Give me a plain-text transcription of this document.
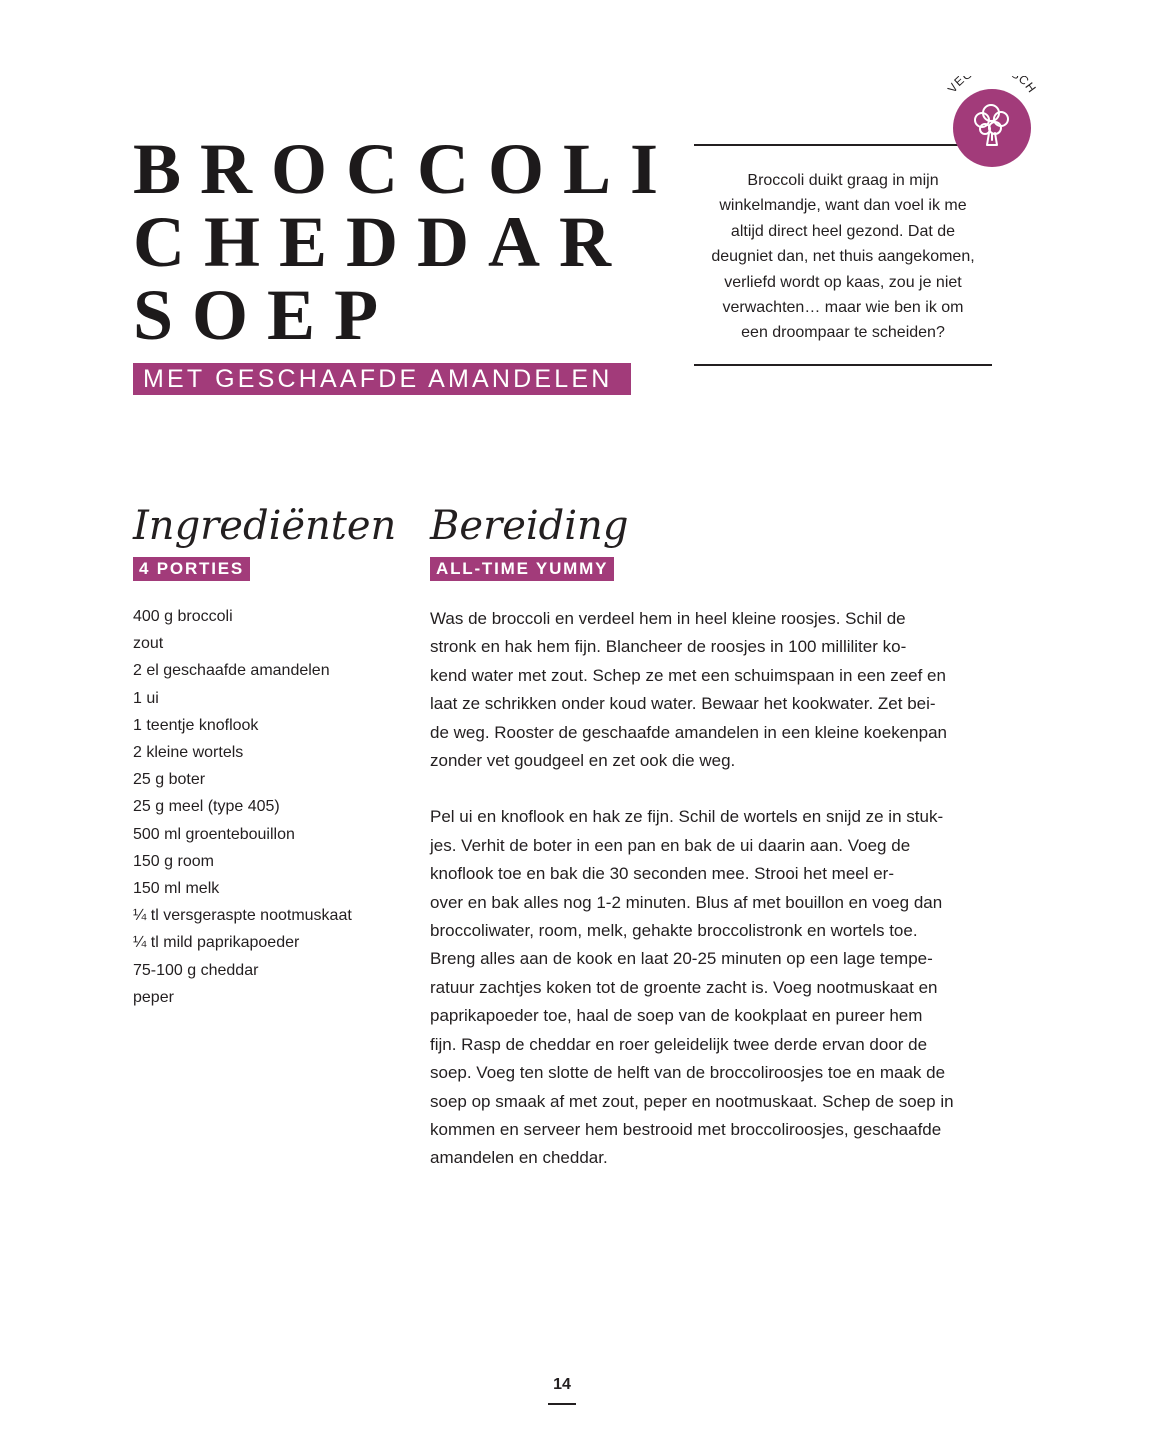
BROCCOLI
CHEDDAR
SOEP
MET GESCHAAFDE AMANDELEN
Broccoli duikt graag in mijn
winkelmandje, want dan voel ik me
altijd direct heel gezond. Dat de
deugniet dan, net thuis aangekomen,
verliefd wordt op kaas, zou je niet
verwachten… maar wie ben ik om
een droompaar te scheiden?
VE CH
Ingrediënten
4 PORTIES
400 g broccoli
zout
2 el geschaafde amandelen
1 ui
1 teentje knoflook
2 kleine wortels
25 g boter
25 g meel (type 405)
500 ml groentebouillon
150 g room
150 ml melk
¼ tl versgeraspte nootmuskaat
¼ tl mild paprikapoeder
75-100 g cheddar
peper
Bereiding
ALL-TIME YUMMY

Was de broccoli en verdeel hem in heel kleine roosjes. Schil de
stronk en hak hem fijn. Blancheer de roosjes in 100 milliliter ko-
kend water met zout. Schep ze met een schuimspaan in een zeef en
laat ze schrikken onder koud water. Bewaar het kookwater. Zet bei-
de weg. Rooster de geschaafde amandelen in een kleine koekenpan
zonder vet goudgeel en zet ook die weg.

Pel ui en knoflook en hak ze fijn. Schil de wortels en snijd ze in stuk-
jes. Verhit de boter in een pan en bak de ui daarin aan. Voeg de
knoflook toe en bak die 30 seconden mee. Strooi het meel er-
over en bak alles nog 1-2 minuten. Blus af met bouillon en voeg dan
broccoliwater, room, melk, gehakte broccolistronk en wortels toe.
Breng alles aan de kook en laat 20-25 minuten op een lage tempe-
ratuur zachtjes koken tot de groente zacht is. Voeg nootmuskaat en
paprikapoeder toe, haal de soep van de kookplaat en pureer hem
fijn. Rasp de cheddar en roer geleidelijk twee derde ervan door de
soep. Voeg ten slotte de helft van de broccoliroosjes toe en maak de
soep op smaak af met zout, peper en nootmuskaat. Schep de soep in
kommen en serveer hem bestrooid met broccoliroosjes, geschaafde
amandelen en cheddar.

14
